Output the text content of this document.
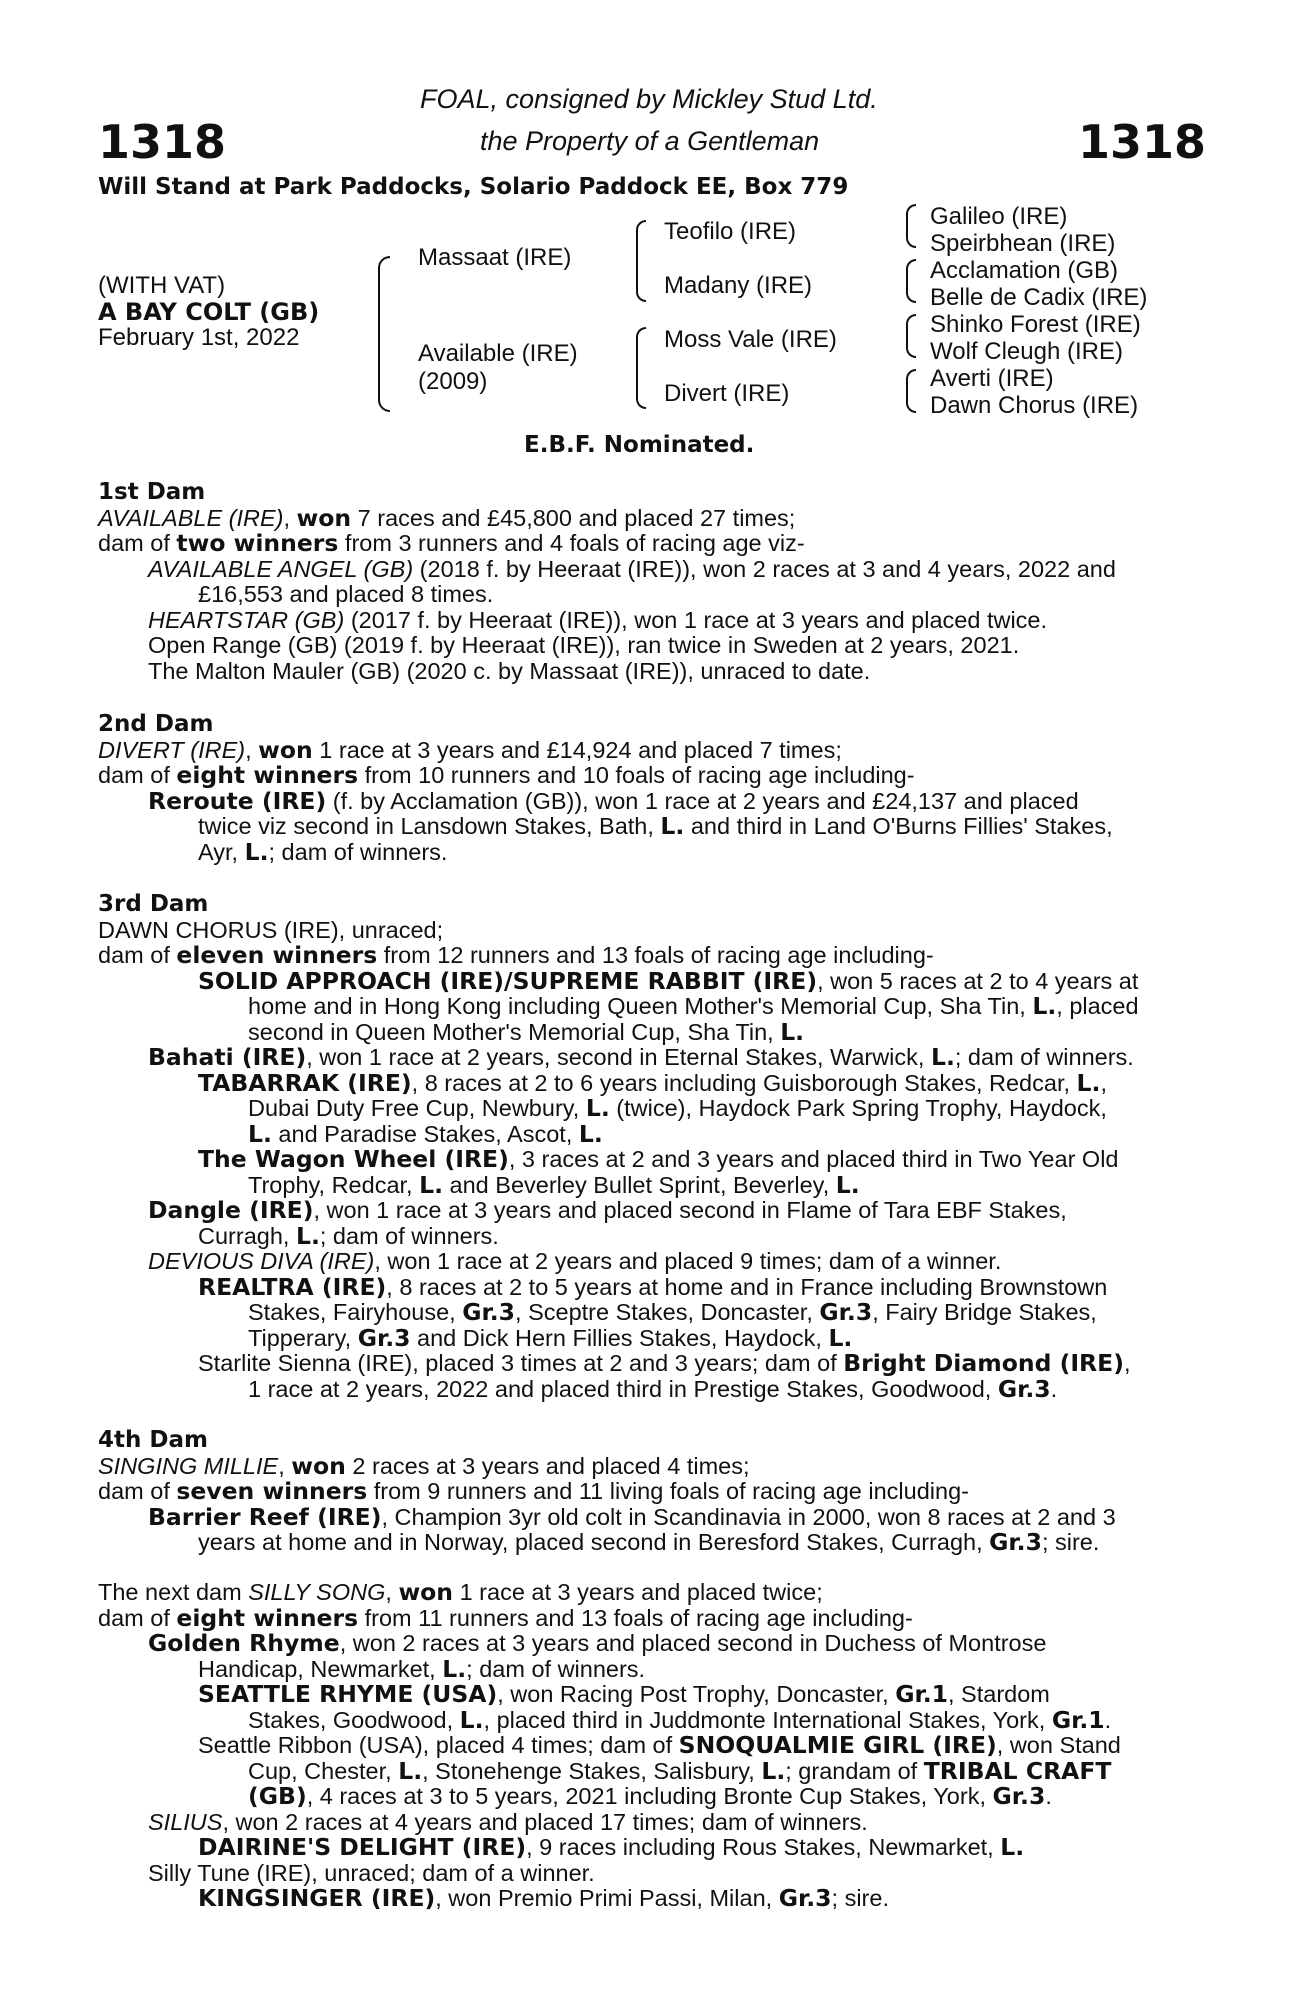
1318	1318
FOAL, consigned by Mickley Stud Ltd.
the Property of a Gentleman
Will Stand at Park Paddocks, Solario Paddock EE, Box 779
(WITH VAT)
A BAY COLT (GB)
February 1st, 2022
Massaat (IRE)
Available (IRE)
(2009)
Teofilo (IRE)
Madany (IRE)
Moss Vale (IRE)
Divert (IRE)
Galileo (IRE)
Speirbhean (IRE)
Acclamation (GB)
Belle de Cadix (IRE)
Shinko Forest (IRE)
Wolf Cleugh (IRE)
Averti (IRE)
Dawn Chorus (IRE)
E.B.F. Nominated.
1st Dam
AVAILABLE (IRE), won 7 races and £45,800 and placed 27 times;
dam of two winners from 3 runners and 4 foals of racing age viz-
AVAILABLE ANGEL (GB) (2018 f. by Heeraat (IRE)), won 2 races at 3 and 4 years, 2022 and
£16,553 and placed 8 times.
HEARTSTAR (GB) (2017 f. by Heeraat (IRE)), won 1 race at 3 years and placed twice.
Open Range (GB) (2019 f. by Heeraat (IRE)), ran twice in Sweden at 2 years, 2021.
The Malton Mauler (GB) (2020 c. by Massaat (IRE)), unraced to date.
2nd Dam
DIVERT (IRE), won 1 race at 3 years and £14,924 and placed 7 times;
dam of eight winners from 10 runners and 10 foals of racing age including-
Reroute (IRE) (f. by Acclamation (GB)), won 1 race at 2 years and £24,137 and placed
twice viz second in Lansdown Stakes, Bath, L. and third in Land O'Burns Fillies' Stakes,
Ayr, L.; dam of winners.
3rd Dam
DAWN CHORUS (IRE), unraced;
dam of eleven winners from 12 runners and 13 foals of racing age including-
SOLID APPROACH (IRE)/SUPREME RABBIT (IRE), won 5 races at 2 to 4 years at
home and in Hong Kong including Queen Mother's Memorial Cup, Sha Tin, L., placed
second in Queen Mother's Memorial Cup, Sha Tin, L.
Bahati (IRE), won 1 race at 2 years, second in Eternal Stakes, Warwick, L.; dam of winners.
TABARRAK (IRE), 8 races at 2 to 6 years including Guisborough Stakes, Redcar, L.,
Dubai Duty Free Cup, Newbury, L. (twice), Haydock Park Spring Trophy, Haydock,
L. and Paradise Stakes, Ascot, L.
The Wagon Wheel (IRE), 3 races at 2 and 3 years and placed third in Two Year Old
Trophy, Redcar, L. and Beverley Bullet Sprint, Beverley, L.
Dangle (IRE), won 1 race at 3 years and placed second in Flame of Tara EBF Stakes,
Curragh, L.; dam of winners.
DEVIOUS DIVA (IRE), won 1 race at 2 years and placed 9 times; dam of a winner.
REALTRA (IRE), 8 races at 2 to 5 years at home and in France including Brownstown
Stakes, Fairyhouse, Gr.3, Sceptre Stakes, Doncaster, Gr.3, Fairy Bridge Stakes,
Tipperary, Gr.3 and Dick Hern Fillies Stakes, Haydock, L.
Starlite Sienna (IRE), placed 3 times at 2 and 3 years; dam of Bright Diamond (IRE),
1 race at 2 years, 2022 and placed third in Prestige Stakes, Goodwood, Gr.3.
4th Dam
SINGING MILLIE, won 2 races at 3 years and placed 4 times;
dam of seven winners from 9 runners and 11 living foals of racing age including-
Barrier Reef (IRE), Champion 3yr old colt in Scandinavia in 2000, won 8 races at 2 and 3
years at home and in Norway, placed second in Beresford Stakes, Curragh, Gr.3; sire.
The next dam SILLY SONG, won 1 race at 3 years and placed twice;
dam of eight winners from 11 runners and 13 foals of racing age including-
Golden Rhyme, won 2 races at 3 years and placed second in Duchess of Montrose
Handicap, Newmarket, L.; dam of winners.
SEATTLE RHYME (USA), won Racing Post Trophy, Doncaster, Gr.1, Stardom
Stakes, Goodwood, L., placed third in Juddmonte International Stakes, York, Gr.1.
Seattle Ribbon (USA), placed 4 times; dam of SNOQUALMIE GIRL (IRE), won Stand
Cup, Chester, L., Stonehenge Stakes, Salisbury, L.; grandam of TRIBAL CRAFT
(GB), 4 races at 3 to 5 years, 2021 including Bronte Cup Stakes, York, Gr.3.
SILIUS, won 2 races at 4 years and placed 17 times; dam of winners.
DAIRINE'S DELIGHT (IRE), 9 races including Rous Stakes, Newmarket, L.
Silly Tune (IRE), unraced; dam of a winner.
KINGSINGER (IRE), won Premio Primi Passi, Milan, Gr.3; sire.
